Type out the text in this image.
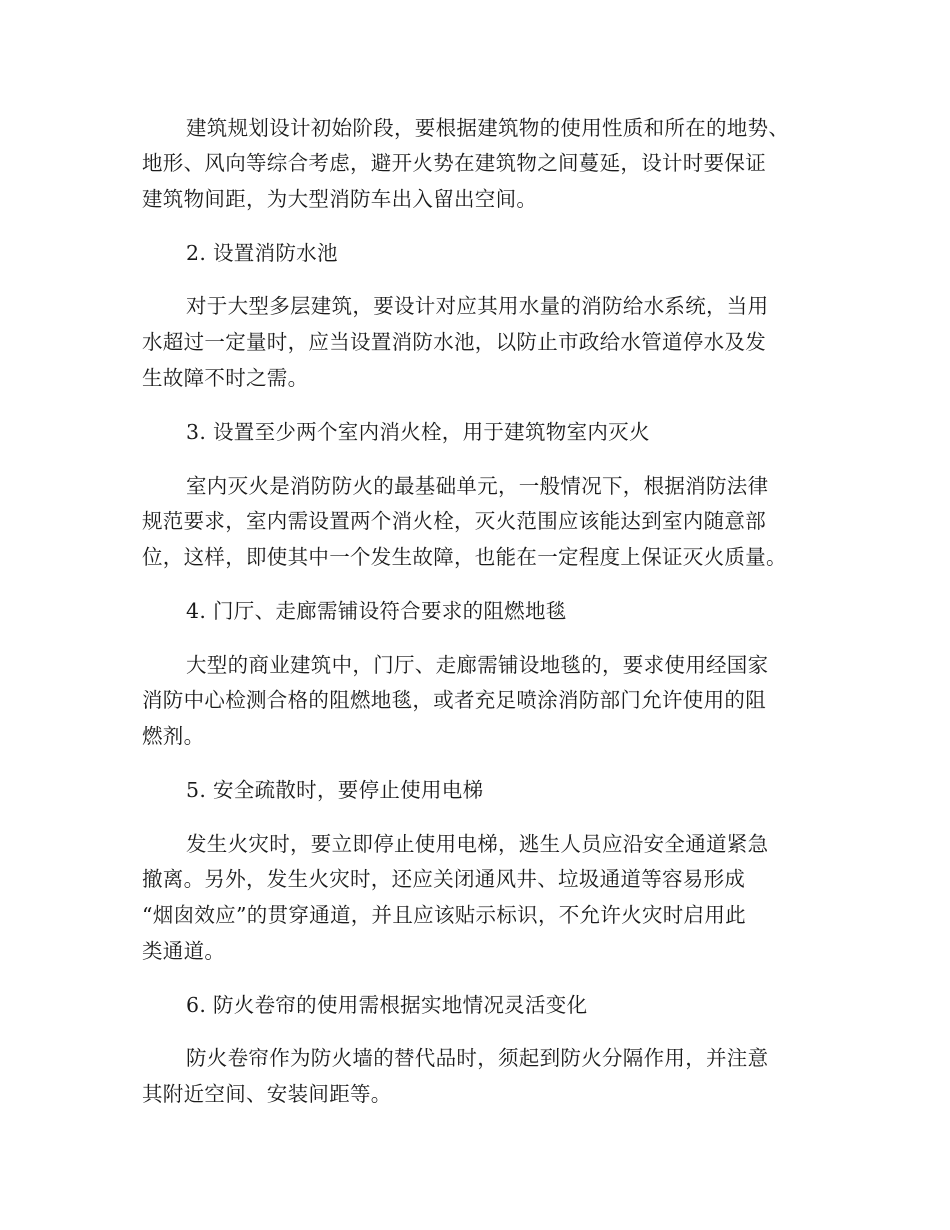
建筑规划设计初始阶段，要根据建筑物的使用性质和所在的地势、
地形、风向等综合考虑，避开火势在建筑物之间蔓延，设计时要保证
建筑物间距，为大型消防车出入留出空间。
2. 设置消防水池
对于大型多层建筑，要设计对应其用水量的消防给水系统，当用
水超过一定量时，应当设置消防水池，以防止市政给水管道停水及发
生故障不时之需。
3. 设置至少两个室内消火栓，用于建筑物室内灭火
室内灭火是消防防火的最基础单元，一般情况下，根据消防法律
规范要求，室内需设置两个消火栓，灭火范围应该能达到室内随意部
位，这样，即使其中一个发生故障，也能在一定程度上保证灭火质量。
4. 门厅、走廊需铺设符合要求的阻燃地毯
大型的商业建筑中，门厅、走廊需铺设地毯的，要求使用经国家
消防中心检测合格的阻燃地毯，或者充足喷涂消防部门允许使用的阻
燃剂。
5. 安全疏散时，要停止使用电梯
发生火灾时，要立即停止使用电梯，逃生人员应沿安全通道紧急
撤离。另外，发生火灾时，还应关闭通风井、垃圾通道等容易形成
“烟囱效应”的贯穿通道，并且应该贴示标识，不允许火灾时启用此
类通道。
6. 防火卷帘的使用需根据实地情况灵活变化
防火卷帘作为防火墙的替代品时，须起到防火分隔作用，并注意
其附近空间、安装间距等。
